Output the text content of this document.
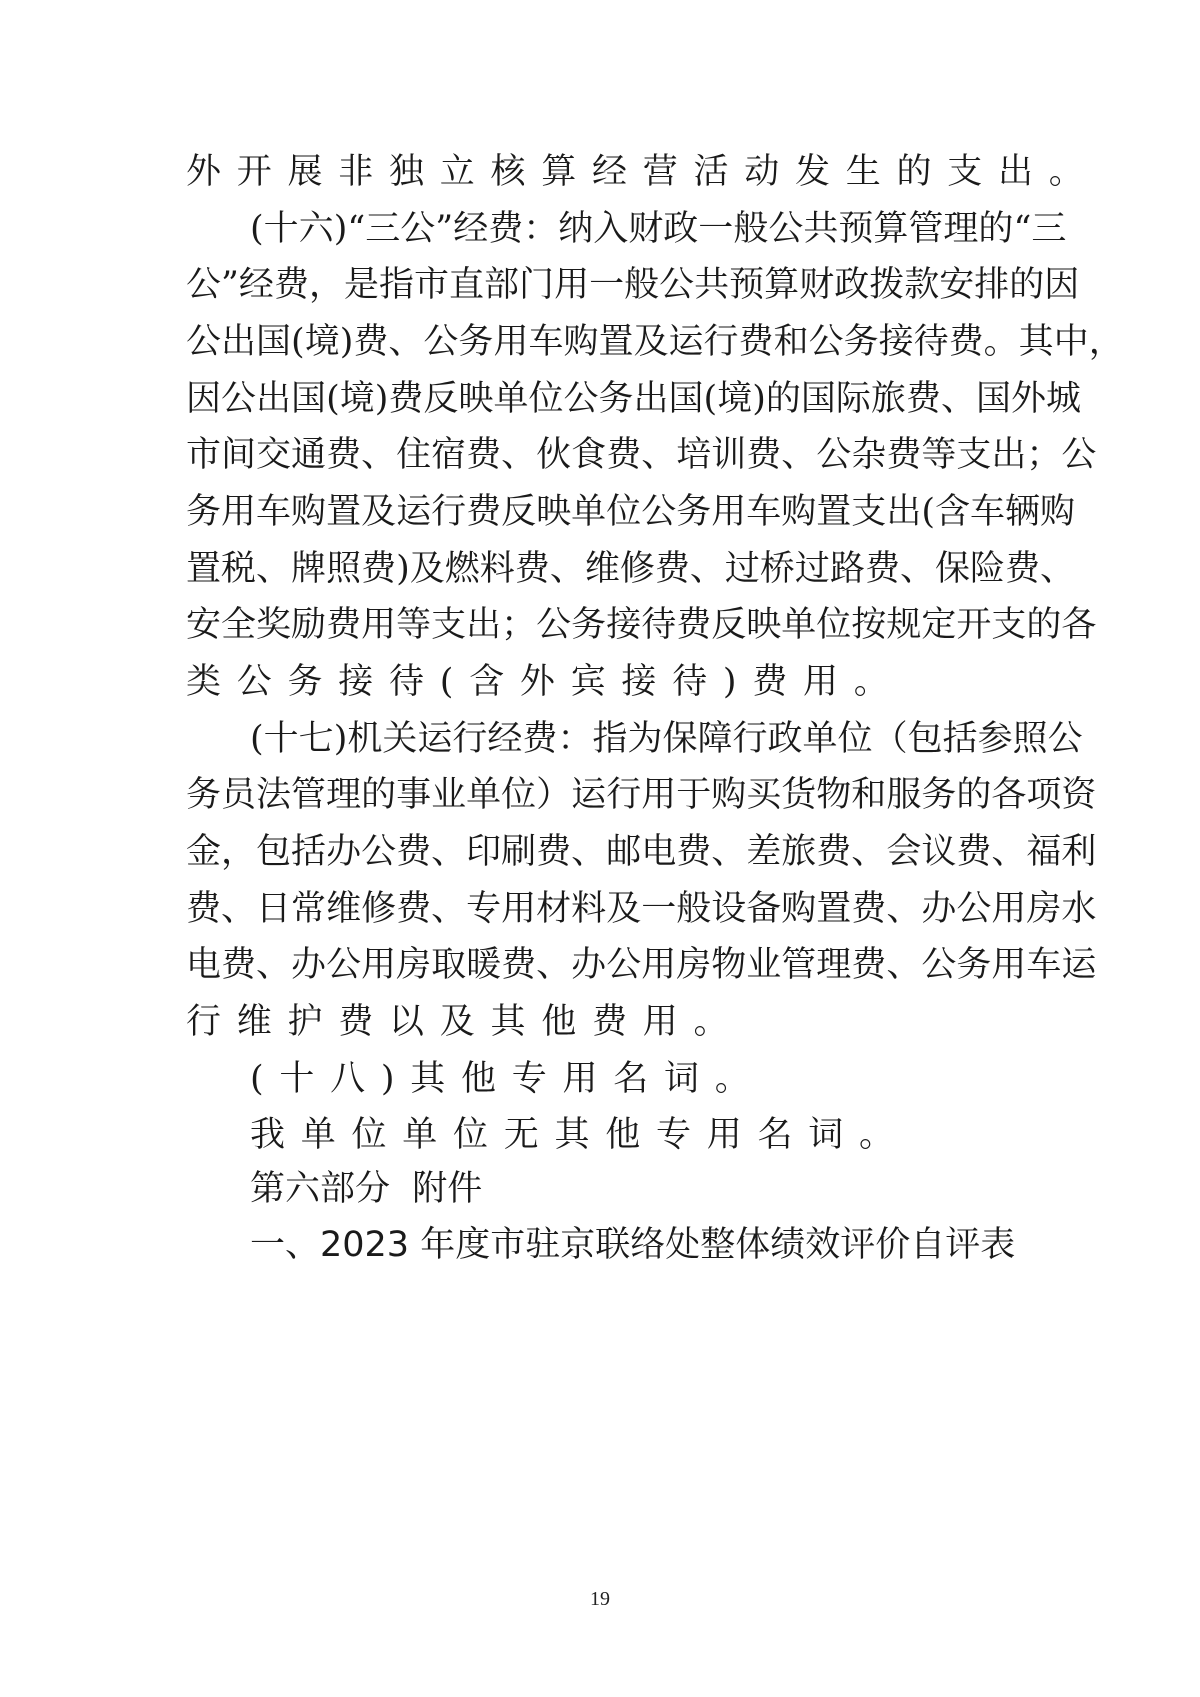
外开展非独立核算经营活动发生的支出。
( 十 六 ) “ 三 公 ” 经 费 ： 纳 入 财 政 一 般 公 共 预 算 管 理 的 “ 三
公 ” 经 费 ， 是 指 市 直 部 门 用 一 般 公 共 预 算 财 政 拨 款 安 排 的 因
公 出 国 ( 境 ) 费 、 公 务 用 车 购 置 及 运 行 费 和 公 务 接 待 费 。 其 中 ，
因 公 出 国 ( 境 ) 费 反 映 单 位 公 务 出 国 ( 境 ) 的 国 际 旅 费 、 国 外 城
市 间 交 通 费 、 住 宿 费 、 伙 食 费 、 培 训 费 、 公 杂 费 等 支 出 ； 公
务 用 车 购 置 及 运 行 费 反 映 单 位 公 务 用 车 购 置 支 出 ( 含 车 辆 购
置 税 、 牌 照 费 ) 及 燃 料 费 、 维 修 费 、 过 桥 过 路 费 、 保 险 费 、
安 全 奖 励 费 用 等 支 出 ； 公 务 接 待 费 反 映 单 位 按 规 定 开 支 的 各
类公务接待(含外宾接待)费用。
( 十 七 ) 机 关 运 行 经 费 ： 指 为 保 障 行 政 单 位 （ 包 括 参 照 公
务 员 法 管 理 的 事 业 单 位 ） 运 行 用 于 购 买 货 物 和 服 务 的 各 项 资
金 ， 包 括 办 公 费 、 印 刷 费 、 邮 电 费 、 差 旅 费 、 会 议 费 、 福 利
费 、 日 常 维 修 费 、 专 用 材 料 及 一 般 设 备 购 置 费 、 办 公 用 房 水
电 费 、 办 公 用 房 取 暖 费 、 办 公 用 房 物 业 管 理 费 、 公 务 用 车 运
行维护费以及其他费用。
(十八)其他专用名词。
我单位单位无其他专用名词。
第六部分  附件
一、2023 年度市驻京联络处整体绩效评价自评表
19
